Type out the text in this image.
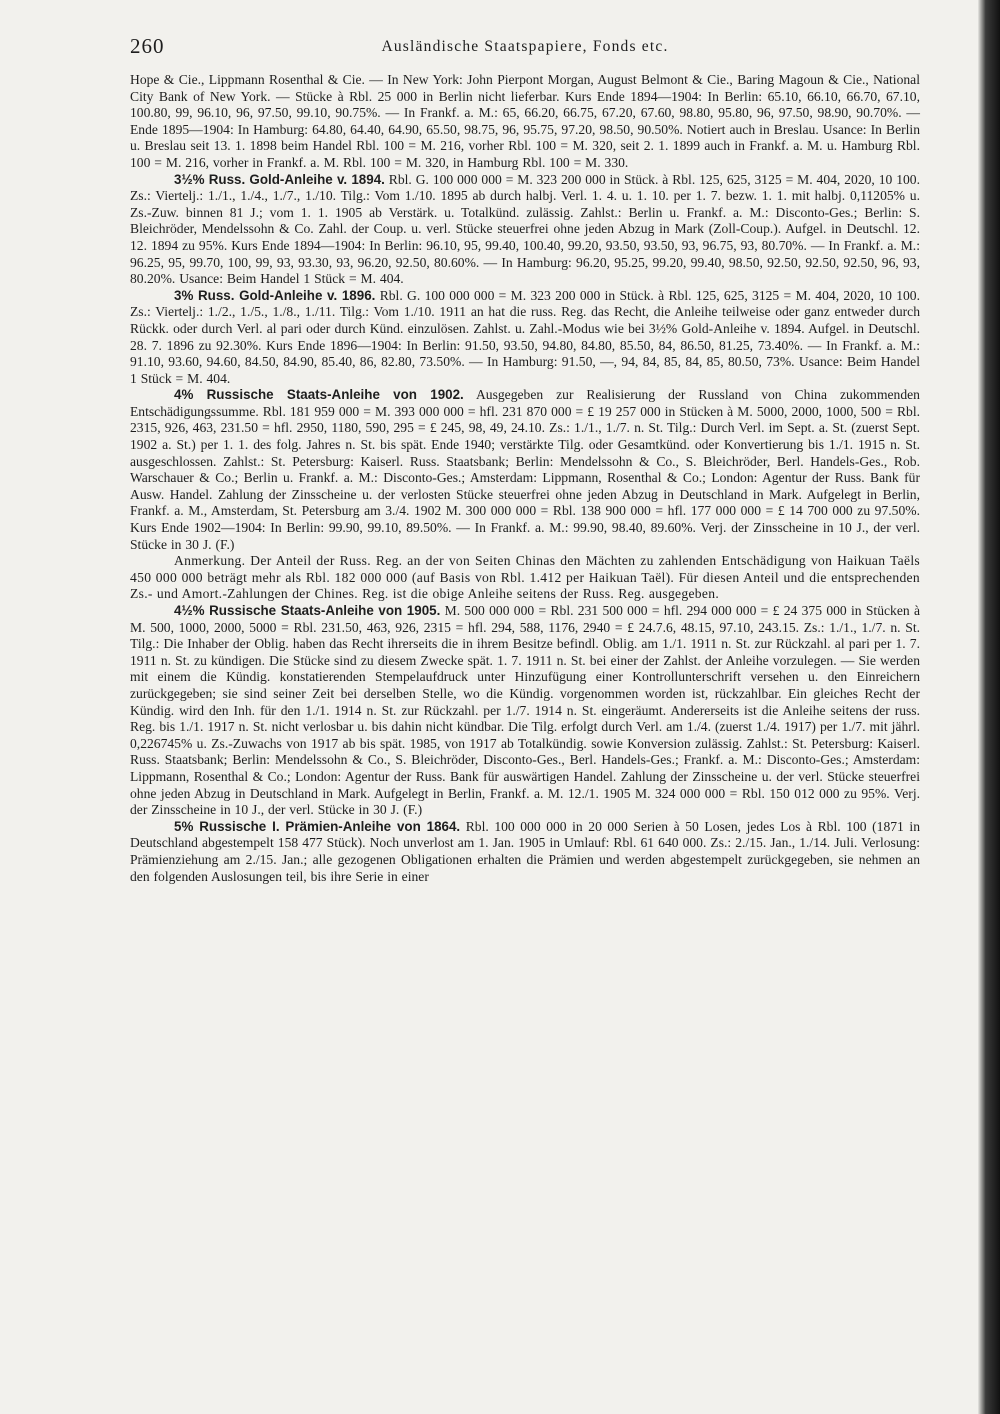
260	Ausländische Staatspapiere, Fonds etc.

Hope & Cie., Lippmann Rosenthal & Cie. — In New York: John Pierpont Morgan, August Belmont & Cie., Baring Magoun & Cie., National City Bank of New York. — Stücke à Rbl. 25 000 in Berlin nicht lieferbar. Kurs Ende 1894—1904: In Berlin: 65.10, 66.10, 66.70, 67.10, 100.80, 99, 96.10, 96, 97.50, 99.10, 90.75%. — In Frankf. a. M.: 65, 66.20, 66.75, 67.20, 67.60, 98.80, 95.80, 96, 97.50, 98.90, 90.70%. — Ende 1895—1904: In Hamburg: 64.80, 64.40, 64.90, 65.50, 98.75, 96, 95.75, 97.20, 98.50, 90.50%. Notiert auch in Breslau. Usance: In Berlin u. Breslau seit 13. 1. 1898 beim Handel Rbl. 100 = M. 216, vorher Rbl. 100 = M. 320, seit 2. 1. 1899 auch in Frankf. a. M. u. Hamburg Rbl. 100 = M. 216, vorher in Frankf. a. M. Rbl. 100 = M. 320, in Hamburg Rbl. 100 = M. 330.

3½% Russ. Gold-Anleihe v. 1894. Rbl. G. 100 000 000 = M. 323 200 000 in Stück. à Rbl. 125, 625, 3125 = M. 404, 2020, 10 100. Zs.: Viertelj.: 1./1., 1./4., 1./7., 1./10. Tilg.: Vom 1./10. 1895 ab durch halbj. Verl. 1. 4. u. 1. 10. per 1. 7. bezw. 1. 1. mit halbj. 0,11205% u. Zs.-Zuw. binnen 81 J.; vom 1. 1. 1905 ab Verstärk. u. Totalkünd. zulässig. Zahlst.: Berlin u. Frankf. a. M.: Disconto-Ges.; Berlin: S. Bleichröder, Mendelssohn & Co. Zahl. der Coup. u. verl. Stücke steuerfrei ohne jeden Abzug in Mark (Zoll-Coup.). Aufgel. in Deutschl. 12. 12. 1894 zu 95%. Kurs Ende 1894—1904: In Berlin: 96.10, 95, 99.40, 100.40, 99.20, 93.50, 93.50, 93, 96.75, 93, 80.70%. — In Frankf. a. M.: 96.25, 95, 99.70, 100, 99, 93, 93.30, 93, 96.20, 92.50, 80.60%. — In Hamburg: 96.20, 95.25, 99.20, 99.40, 98.50, 92.50, 92.50, 92.50, 96, 93, 80.20%. Usance: Beim Handel 1 Stück = M. 404.

3% Russ. Gold-Anleihe v. 1896. Rbl. G. 100 000 000 = M. 323 200 000 in Stück. à Rbl. 125, 625, 3125 = M. 404, 2020, 10 100. Zs.: Viertelj.: 1./2., 1./5., 1./8., 1./11. Tilg.: Vom 1./10. 1911 an hat die russ. Reg. das Recht, die Anleihe teilweise oder ganz entweder durch Rückk. oder durch Verl. al pari oder durch Künd. einzulösen. Zahlst. u. Zahl.-Modus wie bei 3½% Gold-Anleihe v. 1894. Aufgel. in Deutschl. 28. 7. 1896 zu 92.30%. Kurs Ende 1896—1904: In Berlin: 91.50, 93.50, 94.80, 84.80, 85.50, 84, 86.50, 81.25, 73.40%. — In Frankf. a. M.: 91.10, 93.60, 94.60, 84.50, 84.90, 85.40, 86, 82.80, 73.50%. — In Hamburg: 91.50, —, 94, 84, 85, 84, 85, 80.50, 73%. Usance: Beim Handel 1 Stück = M. 404.

4% Russische Staats-Anleihe von 1902. Ausgegeben zur Realisierung der Russland von China zukommenden Entschädigungssumme. Rbl. 181 959 000 = M. 393 000 000 = hfl. 231 870 000 = £ 19 257 000 in Stücken à M. 5000, 2000, 1000, 500 = Rbl. 2315, 926, 463, 231.50 = hfl. 2950, 1180, 590, 295 = £ 245, 98, 49, 24.10. Zs.: 1./1., 1./7. n. St. Tilg.: Durch Verl. im Sept. a. St. (zuerst Sept. 1902 a. St.) per 1. 1. des folg. Jahres n. St. bis spät. Ende 1940; verstärkte Tilg. oder Gesamtkünd. oder Konvertierung bis 1./1. 1915 n. St. ausgeschlossen. Zahlst.: St. Petersburg: Kaiserl. Russ. Staatsbank; Berlin: Mendelssohn & Co., S. Bleichröder, Berl. Handels-Ges., Rob. Warschauer & Co.; Berlin u. Frankf. a. M.: Disconto-Ges.; Amsterdam: Lippmann, Rosenthal & Co.; London: Agentur der Russ. Bank für Ausw. Handel. Zahlung der Zinsscheine u. der verlosten Stücke steuerfrei ohne jeden Abzug in Deutschland in Mark. Aufgelegt in Berlin, Frankf. a. M., Amsterdam, St. Petersburg am 3./4. 1902 M. 300 000 000 = Rbl. 138 900 000 = hfl. 177 000 000 = £ 14 700 000 zu 97.50%. Kurs Ende 1902—1904: In Berlin: 99.90, 99.10, 89.50%. — In Frankf. a. M.: 99.90, 98.40, 89.60%. Verj. der Zinsscheine in 10 J., der verl. Stücke in 30 J. (F.)

Anmerkung. Der Anteil der Russ. Reg. an der von Seiten Chinas den Mächten zu zahlenden Entschädigung von Haikuan Taëls 450 000 000 beträgt mehr als Rbl. 182 000 000 (auf Basis von Rbl. 1.412 per Haikuan Taël). Für diesen Anteil und die entsprechenden Zs.- und Amort.-Zahlungen der Chines. Reg. ist die obige Anleihe seitens der Russ. Reg. ausgegeben.

4½% Russische Staats-Anleihe von 1905. M. 500 000 000 = Rbl. 231 500 000 = hfl. 294 000 000 = £ 24 375 000 in Stücken à M. 500, 1000, 2000, 5000 = Rbl. 231.50, 463, 926, 2315 = hfl. 294, 588, 1176, 2940 = £ 24.7.6, 48.15, 97.10, 243.15. Zs.: 1./1., 1./7. n. St. Tilg.: Die Inhaber der Oblig. haben das Recht ihrerseits die in ihrem Besitze befindl. Oblig. am 1./1. 1911 n. St. zur Rückzahl. al pari per 1. 7. 1911 n. St. zu kündigen. Die Stücke sind zu diesem Zwecke spät. 1. 7. 1911 n. St. bei einer der Zahlst. der Anleihe vorzulegen. — Sie werden mit einem die Kündig. konstatierenden Stempelaufdruck unter Hinzufügung einer Kontrollunterschrift versehen u. den Einreichern zurückgegeben; sie sind seiner Zeit bei derselben Stelle, wo die Kündig. vorgenommen worden ist, rückzahlbar. Ein gleiches Recht der Kündig. wird den Inh. für den 1./1. 1914 n. St. zur Rückzahl. per 1./7. 1914 n. St. eingeräumt. Andererseits ist die Anleihe seitens der russ. Reg. bis 1./1. 1917 n. St. nicht verlosbar u. bis dahin nicht kündbar. Die Tilg. erfolgt durch Verl. am 1./4. (zuerst 1./4. 1917) per 1./7. mit jährl. 0,226745% u. Zs.-Zuwachs von 1917 ab bis spät. 1985, von 1917 ab Totalkündig. sowie Konversion zulässig. Zahlst.: St. Petersburg: Kaiserl. Russ. Staatsbank; Berlin: Mendelssohn & Co., S. Bleichröder, Disconto-Ges., Berl. Handels-Ges.; Frankf. a. M.: Disconto-Ges.; Amsterdam: Lippmann, Rosenthal & Co.; London: Agentur der Russ. Bank für auswärtigen Handel. Zahlung der Zinsscheine u. der verl. Stücke steuerfrei ohne jeden Abzug in Deutschland in Mark. Aufgelegt in Berlin, Frankf. a. M. 12./1. 1905 M. 324 000 000 = Rbl. 150 012 000 zu 95%. Verj. der Zinsscheine in 10 J., der verl. Stücke in 30 J. (F.)

5% Russische I. Prämien-Anleihe von 1864. Rbl. 100 000 000 in 20 000 Serien à 50 Losen, jedes Los à Rbl. 100 (1871 in Deutschland abgestempelt 158 477 Stück). Noch unverlost am 1. Jan. 1905 in Umlauf: Rbl. 61 640 000. Zs.: 2./15. Jan., 1./14. Juli. Verlosung: Prämienziehung am 2./15. Jan.; alle gezogenen Obligationen erhalten die Prämien und werden abgestempelt zurückgegeben, sie nehmen an den folgenden Auslosungen teil, bis ihre Serie in einer
